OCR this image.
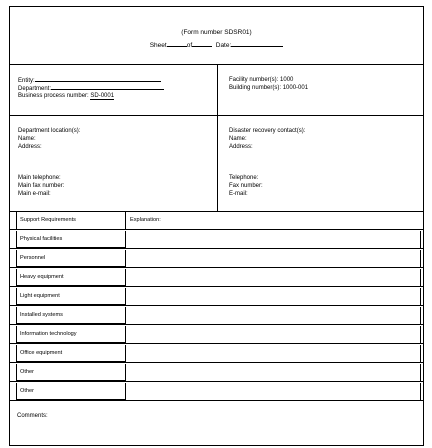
(Form number SDSR01)
Sheet	of	Date:
Entity:
Department:
Business process number: SD-0001
Facility number(s): 1000
Building number(s): 1000-001
Department location(s):
Name:
Address:
Main telephone:
Main fax number:
Main e-mail:
Disaster recovery contact(s):
Name:
Address:
Telephone:
Fax number:
E-mail:
Support Requirements	Explanation:
Physical facilities
Personnel
Heavy equipment
Light equipment
Installed systems
Information technology
Office equipment
Other
Other
Comments:
